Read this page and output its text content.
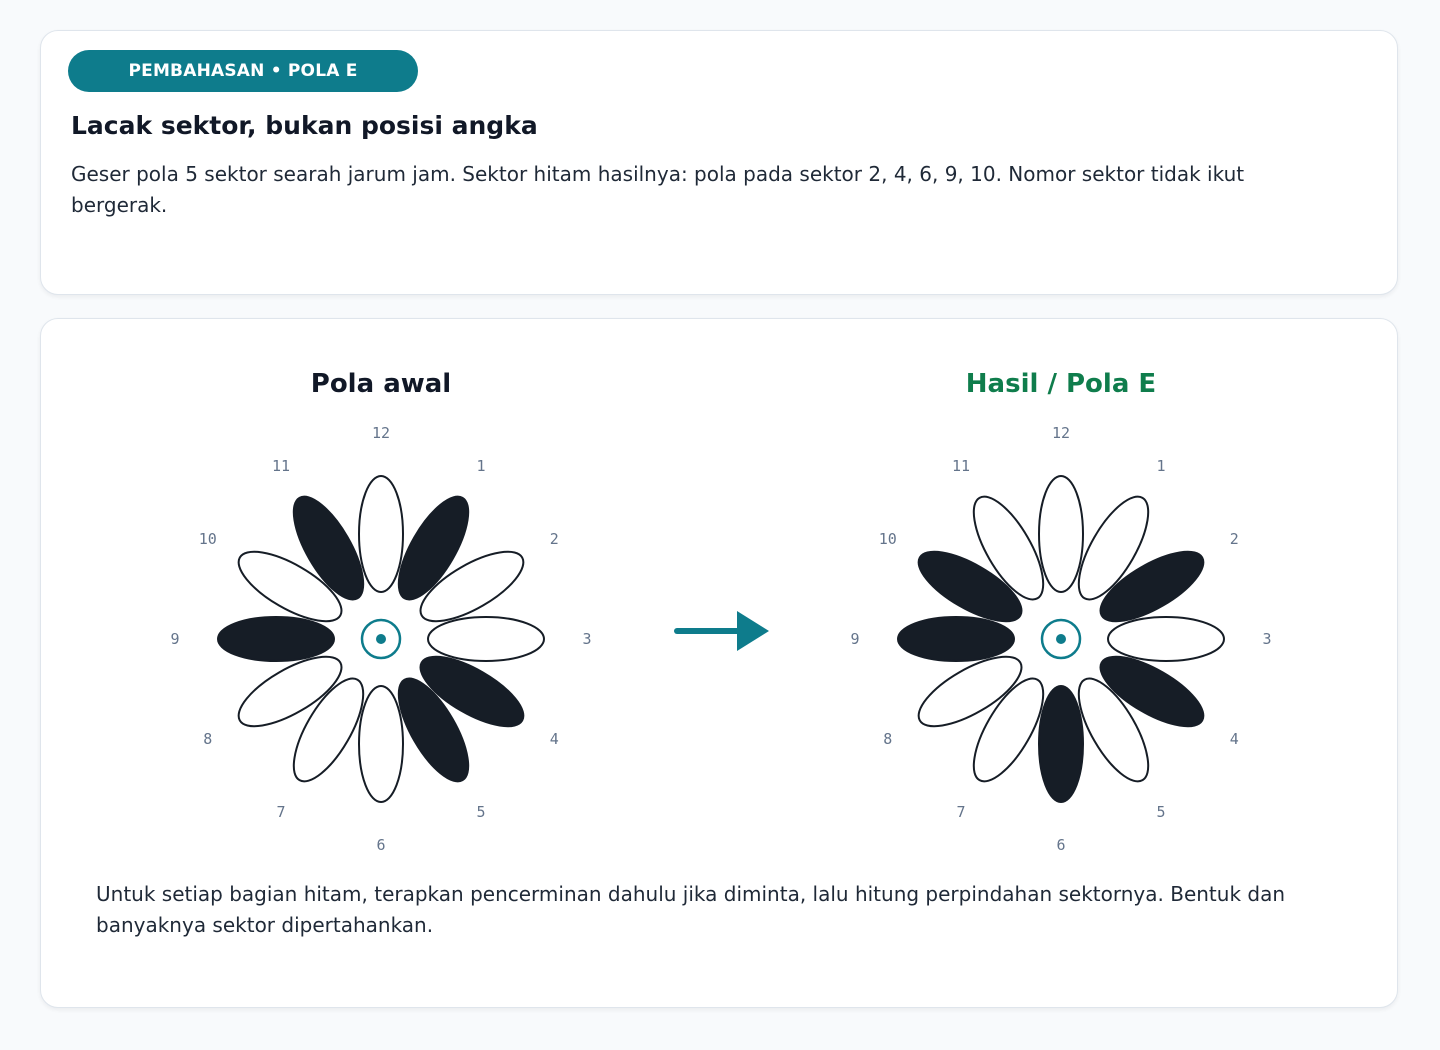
PEMBAHASAN • POLA E
Lacak sektor, bukan posisi angka

Geser pola 5 sektor searah jarum jam. Sektor hitam hasilnya: pola pada sektor 2, 4, 6, 9, 10. Nomor sektor tidak ikut bergerak.

Pola awal	Hasil / Pola E
1
2
3
4
5
6
7
8
9
10
11
12
1
2
3
4
5
6
7
8
9
10
11
12

Untuk setiap bagian hitam, terapkan pencerminan dahulu jika diminta, lalu hitung perpindahan sektornya. Bentuk dan banyaknya sektor dipertahankan.
